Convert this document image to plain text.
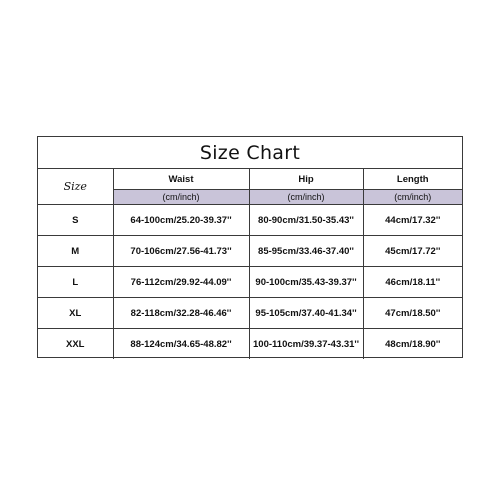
Size Chart
Size	Waist	Hip	Length
	(cm/inch)	(cm/inch)	(cm/inch)
S	64-100cm/25.20-39.37''	80-90cm/31.50-35.43''	44cm/17.32''
M	70-106cm/27.56-41.73''	85-95cm/33.46-37.40''	45cm/17.72''
L	76-112cm/29.92-44.09''	90-100cm/35.43-39.37''	46cm/18.11''
XL	82-118cm/32.28-46.46''	95-105cm/37.40-41.34''	47cm/18.50''
XXL	88-124cm/34.65-48.82''	100-110cm/39.37-43.31''	48cm/18.90''
